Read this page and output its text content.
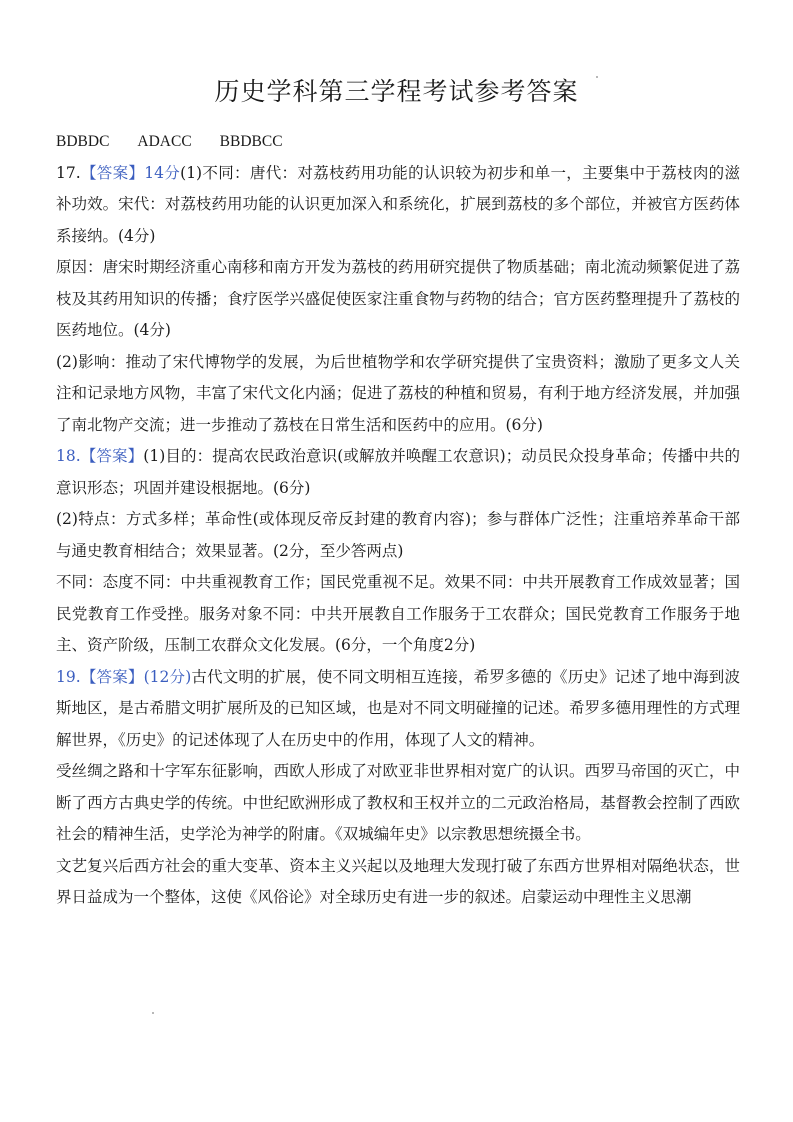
历史学科第三学程考试参考答案

BDBDC ADACC BBDBCC

17.【答案】14分(1)不同：唐代：对荔枝药用功能的认识较为初步和单一，主要集中于荔枝肉的滋补功效。宋代：对荔枝药用功能的认识更加深入和系统化，扩展到荔枝的多个部位，并被官方医药体系接纳。(4分)

原因：唐宋时期经济重心南移和南方开发为荔枝的药用研究提供了物质基础；南北流动频繁促进了荔枝及其药用知识的传播；食疗医学兴盛促使医家注重食物与药物的结合；官方医药整理提升了荔枝的医药地位。(4分)

(2)影响：推动了宋代博物学的发展，为后世植物学和农学研究提供了宝贵资料；激励了更多文人关注和记录地方风物，丰富了宋代文化内涵；促进了荔枝的种植和贸易，有利于地方经济发展，并加强了南北物产交流；进一步推动了荔枝在日常生活和医药中的应用。(6分)

18.【答案】(1)目的：提高农民政治意识(或解放并唤醒工农意识)；动员民众投身革命；传播中共的意识形态；巩固并建设根据地。(6分)

(2)特点：方式多样；革命性(或体现反帝反封建的教育内容)；参与群体广泛性；注重培养革命干部与通史教育相结合；效果显著。(2分，至少答两点)

不同：态度不同：中共重视教育工作；国民党重视不足。效果不同：中共开展教育工作成效显著；国民党教育工作受挫。服务对象不同：中共开展教自工作服务于工农群众；国民党教育工作服务于地主、资产阶级，压制工农群众文化发展。(6分，一个角度2分)

19.【答案】(12分)古代文明的扩展，使不同文明相互连接，希罗多德的《历史》记述了地中海到波斯地区，是古希腊文明扩展所及的已知区域，也是对不同文明碰撞的记述。希罗多德用理性的方式理解世界，《历史》的记述体现了人在历史中的作用，体现了人文的精神。

受丝绸之路和十字军东征影响，西欧人形成了对欧亚非世界相对宽广的认识。西罗马帝国的灭亡，中断了西方古典史学的传统。中世纪欧洲形成了教权和王权并立的二元政治格局，基督教会控制了西欧社会的精神生活，史学沦为神学的附庸。《双城编年史》以宗教思想统摄全书。

文艺复兴后西方社会的重大变革、资本主义兴起以及地理大发现打破了东西方世界相对隔绝状态，世界日益成为一个整体，这使《风俗论》对全球历史有进一步的叙述。启蒙运动中理性主义思潮
